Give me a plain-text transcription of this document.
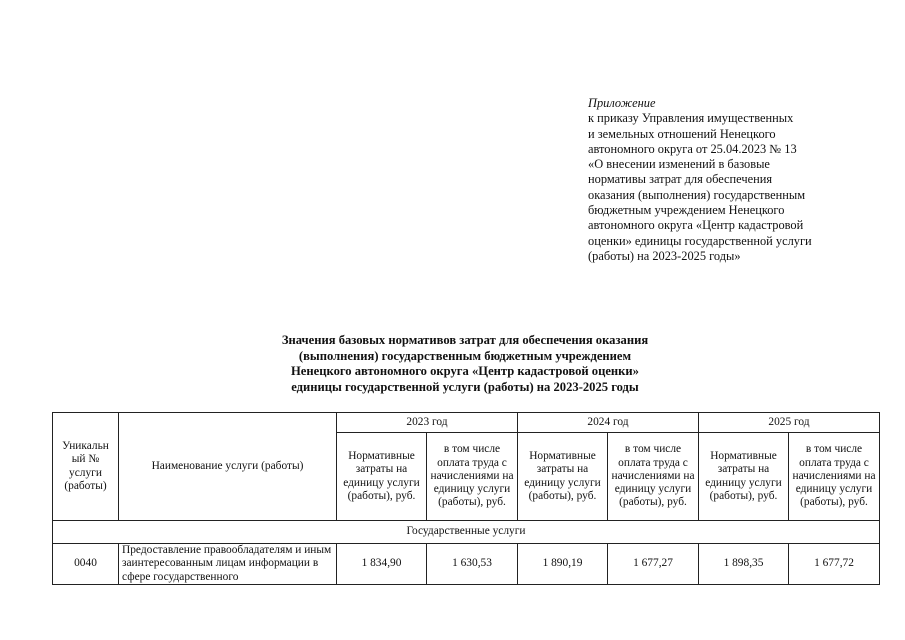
Приложение
к приказу Управления имущественных
и земельных отношений Ненецкого
автономного округа от 25.04.2023 № 13
«О внесении изменений в базовые
нормативы затрат для обеспечения
оказания (выполнения) государственным
бюджетным учреждением Ненецкого
автономного округа «Центр кадастровой
оценки» единицы государственной услуги
(работы) на 2023-2025 годы»
Значения базовых нормативов затрат для обеспечения оказания
(выполнения) государственным бюджетным учреждением
Ненецкого автономного округа «Центр кадастровой оценки»
единицы государственной услуги (работы) на 2023-2025 годы
Уникальн ый № услуги (работы)	Наименование услуги (работы)	2023 год		2024 год		2025 год	
		Нормативные затраты на единицу услуги (работы), руб.	в том числе оплата труда с начислениями на единицу услуги (работы), руб.	Нормативные затраты на единицу услуги (работы), руб.	в том числе оплата труда с начислениями на единицу услуги (работы), руб.	Нормативные затраты на единицу услуги (работы), руб.	в том числе оплата труда с начислениями на единицу услуги (работы), руб.
Государственные услуги							
0040	Предоставление правообладателям и иным заинтересованным лицам информации в сфере государственного	1 834,90	1 630,53	1 890,19	1 677,27	1 898,35	1 677,72
